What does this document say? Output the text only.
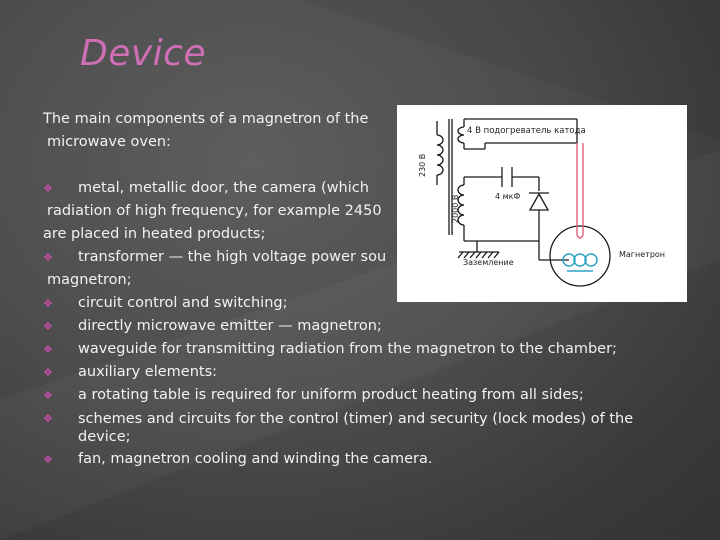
Device
The main components of a magnetron of the
microwave oven:
❖ metal, metallic door, the camera (which
radiation of high frequency, for example 2450
are placed in heated products;
❖ transformer — the high voltage power sou
magnetron;
❖ circuit control and switching;
❖ directly microwave emitter — magnetron;
❖ waveguide for transmitting radiation from the magnetron to the chamber;
❖ auxiliary elements:
❖ a rotating table is required for uniform product heating from all sides;
❖ schemes and circuits for the control (timer) and security (lock modes) of the device;
❖ fan, magnetron cooling and winding the camera.
4 В подогреватель катода
230 В
2000 В	4 мкФ
Заземление
Магнетрон
